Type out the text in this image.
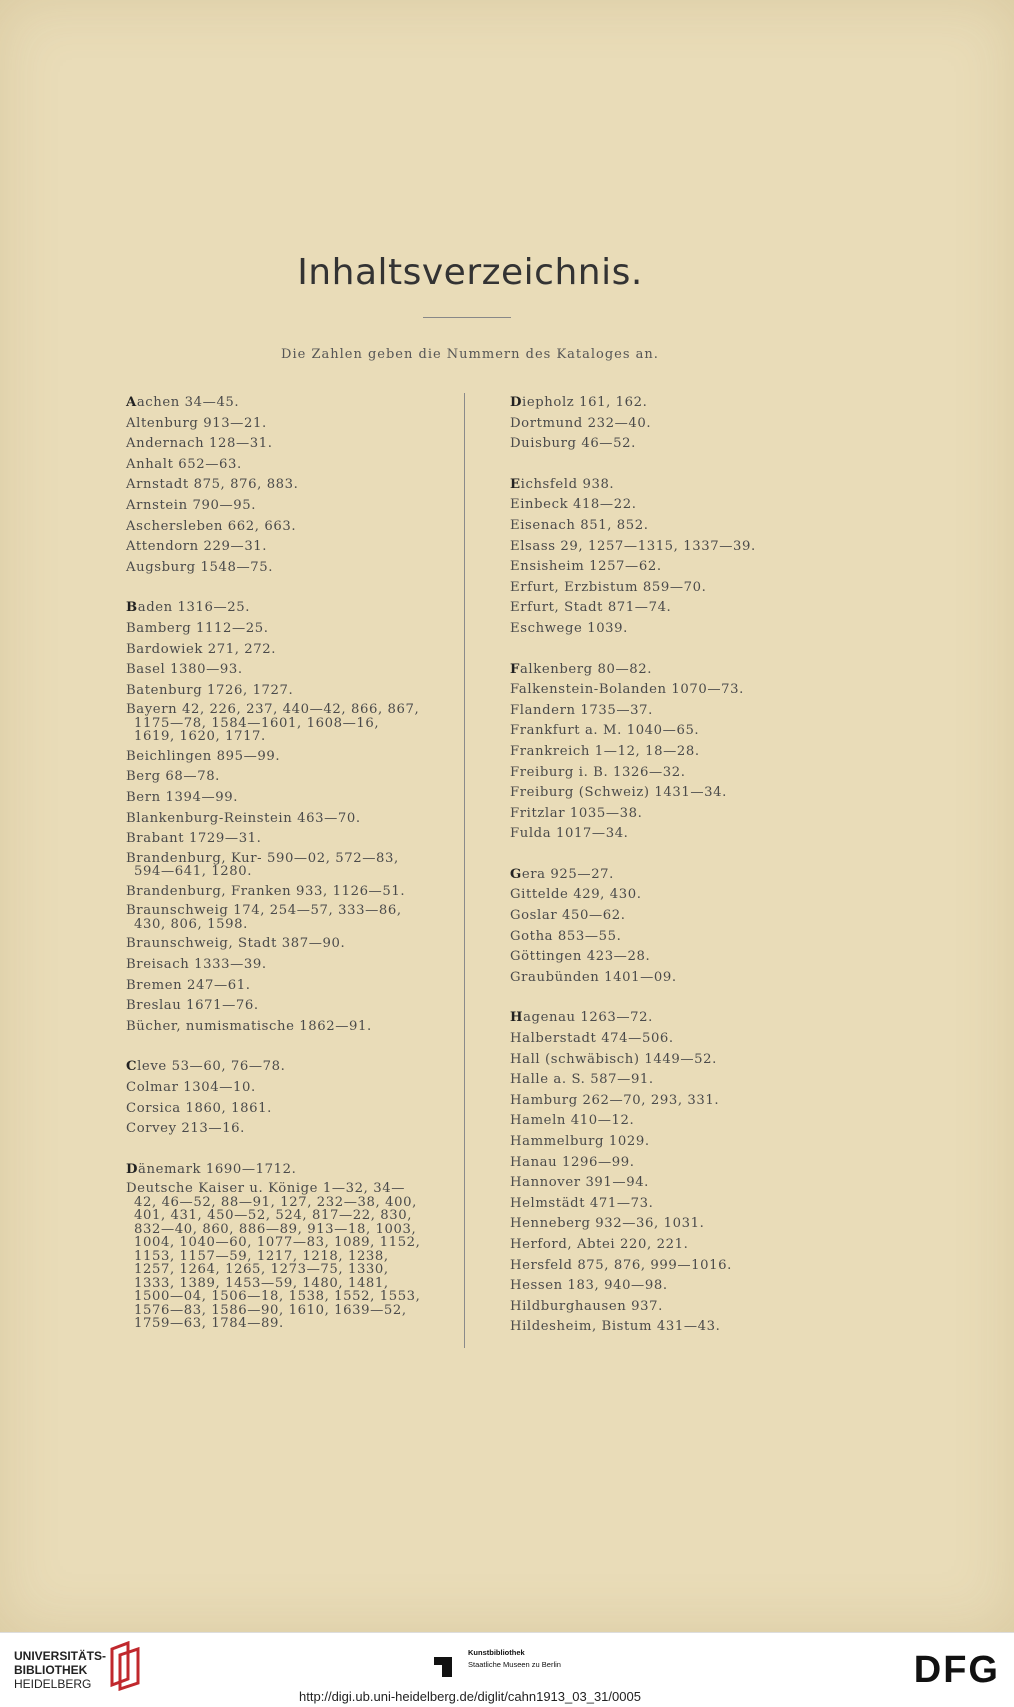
Inhaltsverzeichnis.
Die Zahlen geben die Nummern des Kataloges an.
Aachen 34—45.
Altenburg 913—21.
Andernach 128—31.
Anhalt 652—63.
Arnstadt 875, 876, 883.
Arnstein 790—95.
Aschersleben 662, 663.
Attendorn 229—31.
Augsburg 1548—75.
Baden 1316—25.
Bamberg 1112—25.
Bardowiek 271, 272.
Basel 1380—93.
Batenburg 1726, 1727.
Bayern 42, 226, 237, 440—42, 866, 867, 1175—78, 1584—1601, 1608—16, 1619, 1620, 1717.
Beichlingen 895—99.
Berg 68—78.
Bern 1394—99.
Blankenburg-Reinstein 463—70.
Brabant 1729—31.
Brandenburg, Kur- 590—02, 572—83, 594—641, 1280.
Brandenburg, Franken 933, 1126—51.
Braunschweig 174, 254—57, 333—86, 430, 806, 1598.
Braunschweig, Stadt 387—90.
Breisach 1333—39.
Bremen 247—61.
Breslau 1671—76.
Bücher, numismatische 1862—91.
Cleve 53—60, 76—78.
Colmar 1304—10.
Corsica 1860, 1861.
Corvey 213—16.
Dänemark 1690—1712.
Deutsche Kaiser u. Könige 1—32, 34—42, 46—52, 88—91, 127, 232—38, 400, 401, 431, 450—52, 524, 817—22, 830, 832—40, 860, 886—89, 913—18, 1003, 1004, 1040—60, 1077—83, 1089, 1152, 1153, 1157—59, 1217, 1218, 1238, 1257, 1264, 1265, 1273—75, 1330, 1333, 1389, 1453—59, 1480, 1481, 1500—04, 1506—18, 1538, 1552, 1553, 1576—83, 1586—90, 1610, 1639—52, 1759—63, 1784—89.
Diepholz 161, 162.
Dortmund 232—40.
Duisburg 46—52.
Eichsfeld 938.
Einbeck 418—22.
Eisenach 851, 852.
Elsass 29, 1257—1315, 1337—39.
Ensisheim 1257—62.
Erfurt, Erzbistum 859—70.
Erfurt, Stadt 871—74.
Eschwege 1039.
Falkenberg 80—82.
Falkenstein-Bolanden 1070—73.
Flandern 1735—37.
Frankfurt a. M. 1040—65.
Frankreich 1—12, 18—28.
Freiburg i. B. 1326—32.
Freiburg (Schweiz) 1431—34.
Fritzlar 1035—38.
Fulda 1017—34.
Gera 925—27.
Gittelde 429, 430.
Goslar 450—62.
Gotha 853—55.
Göttingen 423—28.
Graubünden 1401—09.
Hagenau 1263—72.
Halberstadt 474—506.
Hall (schwäbisch) 1449—52.
Halle a. S. 587—91.
Hamburg 262—70, 293, 331.
Hameln 410—12.
Hammelburg 1029.
Hanau 1296—99.
Hannover 391—94.
Helmstädt 471—73.
Henneberg 932—36, 1031.
Herford, Abtei 220, 221.
Hersfeld 875, 876, 999—1016.
Hessen 183, 940—98.
Hildburghausen 937.
Hildesheim, Bistum 431—43.
UNIVERSITÄTS-
BIBLIOTHEK
HEIDELBERG
Kunstbibliothek
Staatliche Museen zu Berlin	DFG
http://digi.ub.uni-heidelberg.de/diglit/cahn1913_03_31/0005
